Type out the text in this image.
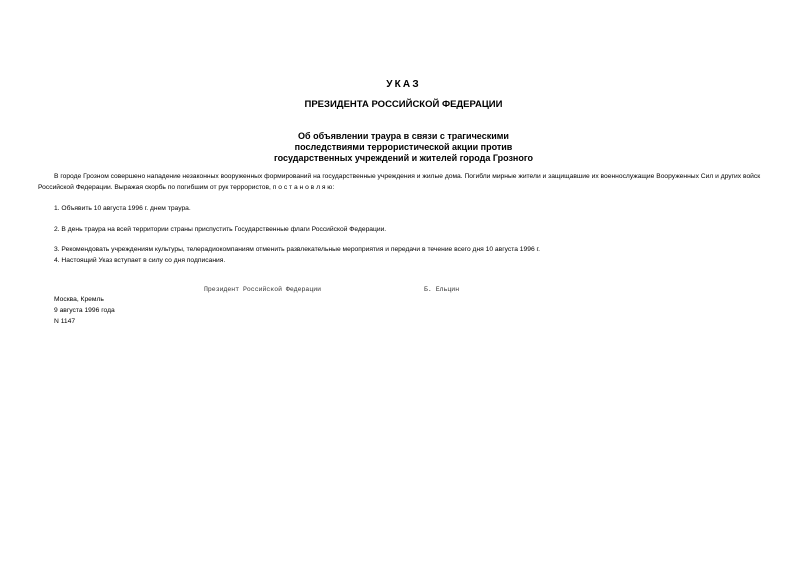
УКАЗ
ПРЕЗИДЕНТА РОССИЙСКОЙ ФЕДЕРАЦИИ
Об объявлении траура в связи с трагическими
последствиями террористической акции против
государственных учреждений и жителей города Грозного
В городе Грозном совершено нападение незаконных вооруженных формирований на государственные учреждения и жилые дома. Погибли мирные жители и защищавшие их военнослужащие Вооруженных Сил и других войск Российской Федерации. Выражая скорбь по погибшим от рук террористов, п о с т а н о в л я ю:
1. Объявить 10 августа 1996 г. днем траура.
2. В день траура на всей территории страны приспустить Государственные флаги Российской Федерации.
3. Рекомендовать учреждениям культуры, телерадиокомпаниям отменить развлекательные мероприятия и передачи в течение всего дня 10 августа 1996 г.
4. Настоящий Указ вступает в силу со дня подписания.
Президент Российской Федерации	Б. Ельцин
Москва, Кремль
9 августа 1996 года
N 1147
